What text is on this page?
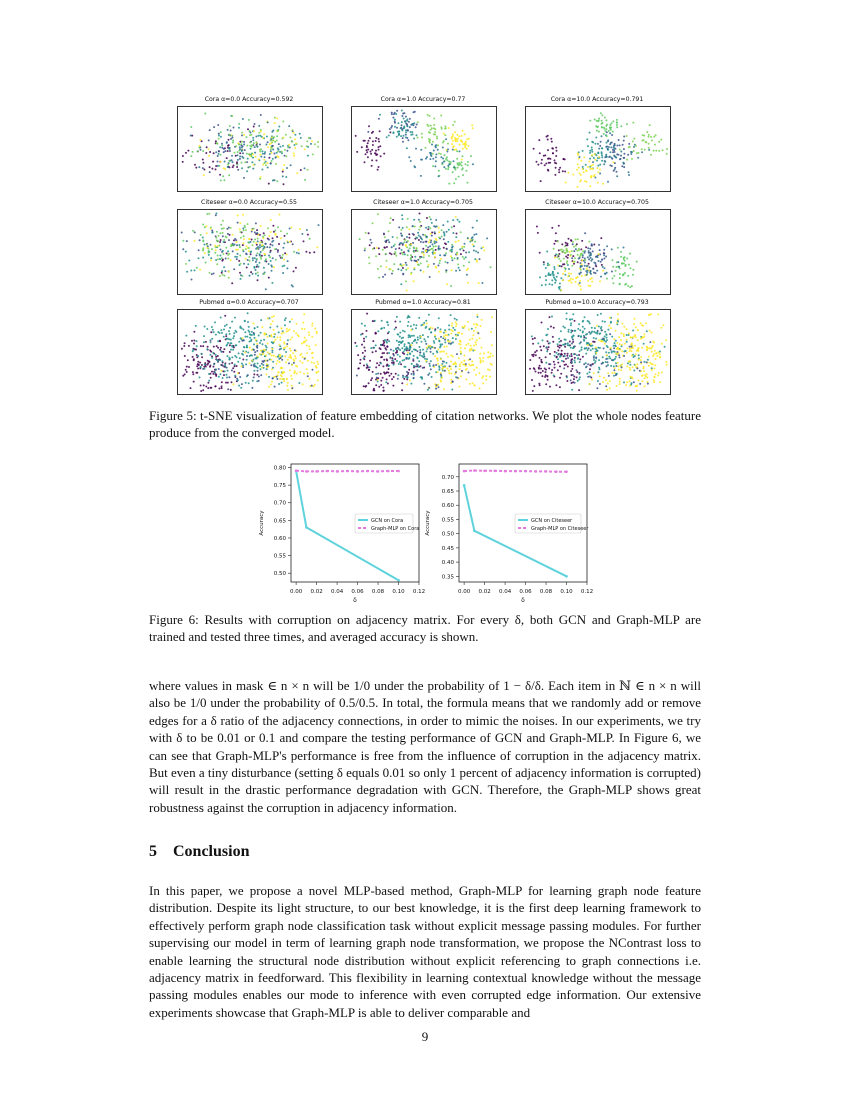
Cora α=0.0 Accuracy=0.592	Cora α=1.0 Accuracy=0.77	Cora α=10.0 Accuracy=0.791
Citeseer α=0.0 Accuracy=0.55	Citeseer α=1.0 Accuracy=0.705	Citeseer α=10.0 Accuracy=0.705
Pubmed α=0.0 Accuracy=0.707	Pubmed α=1.0 Accuracy=0.81	Pubmed α=10.0 Accuracy=0.793
Figure 5: t-SNE visualization of feature embedding of citation networks. We plot the whole nodes feature produce from the converged model.
0.00 0.02 0.04 0.06 0.08 0.10 0.12
0.50
0.55
0.60
0.65
0.70
0.75
0.80
δ
Accuracy	GCN on Cora
Graph-MLP on Cora
0.00 0.02 0.04 0.06 0.08 0.10 0.12
0.35
0.40
0.45
0.50
0.55
0.60
0.65
0.70
δ
Accuracy	GCN on Citeseer
Graph-MLP on Citeseer
Figure 6: Results with corruption on adjacency matrix. For every δ, both GCN and Graph-MLP are trained and tested three times, and averaged accuracy is shown.

where values in mask ∈ n × n will be 1/0 under the probability of 1 − δ/δ. Each item in ℕ ∈ n × n will also be 1/0 under the probability of 0.5/0.5. In total, the formula means that we randomly add or remove edges for a δ ratio of the adjacency connections, in order to mimic the noises. In our experiments, we try with δ to be 0.01 or 0.1 and compare the testing performance of GCN and Graph-MLP. In Figure 6, we can see that Graph-MLP's performance is free from the influence of corruption in the adjacency matrix. But even a tiny disturbance (setting δ equals 0.01 so only 1 percent of adjacency information is corrupted) will result in the drastic performance degradation with GCN. Therefore, the Graph-MLP shows great robustness against the corruption in adjacency information.

5 Conclusion

In this paper, we propose a novel MLP-based method, Graph-MLP for learning graph node feature distribution. Despite its light structure, to our best knowledge, it is the first deep learning framework to effectively perform graph node classification task without explicit message passing modules. For further supervising our model in term of learning graph node transformation, we propose the NContrast loss to enable learning the structural node distribution without explicit referencing to graph connections i.e. adjacency matrix in feedforward. This flexibility in learning contextual knowledge without the message passing modules enables our mode to inference with even corrupted edge information. Our extensive experiments showcase that Graph-MLP is able to deliver comparable and

9
